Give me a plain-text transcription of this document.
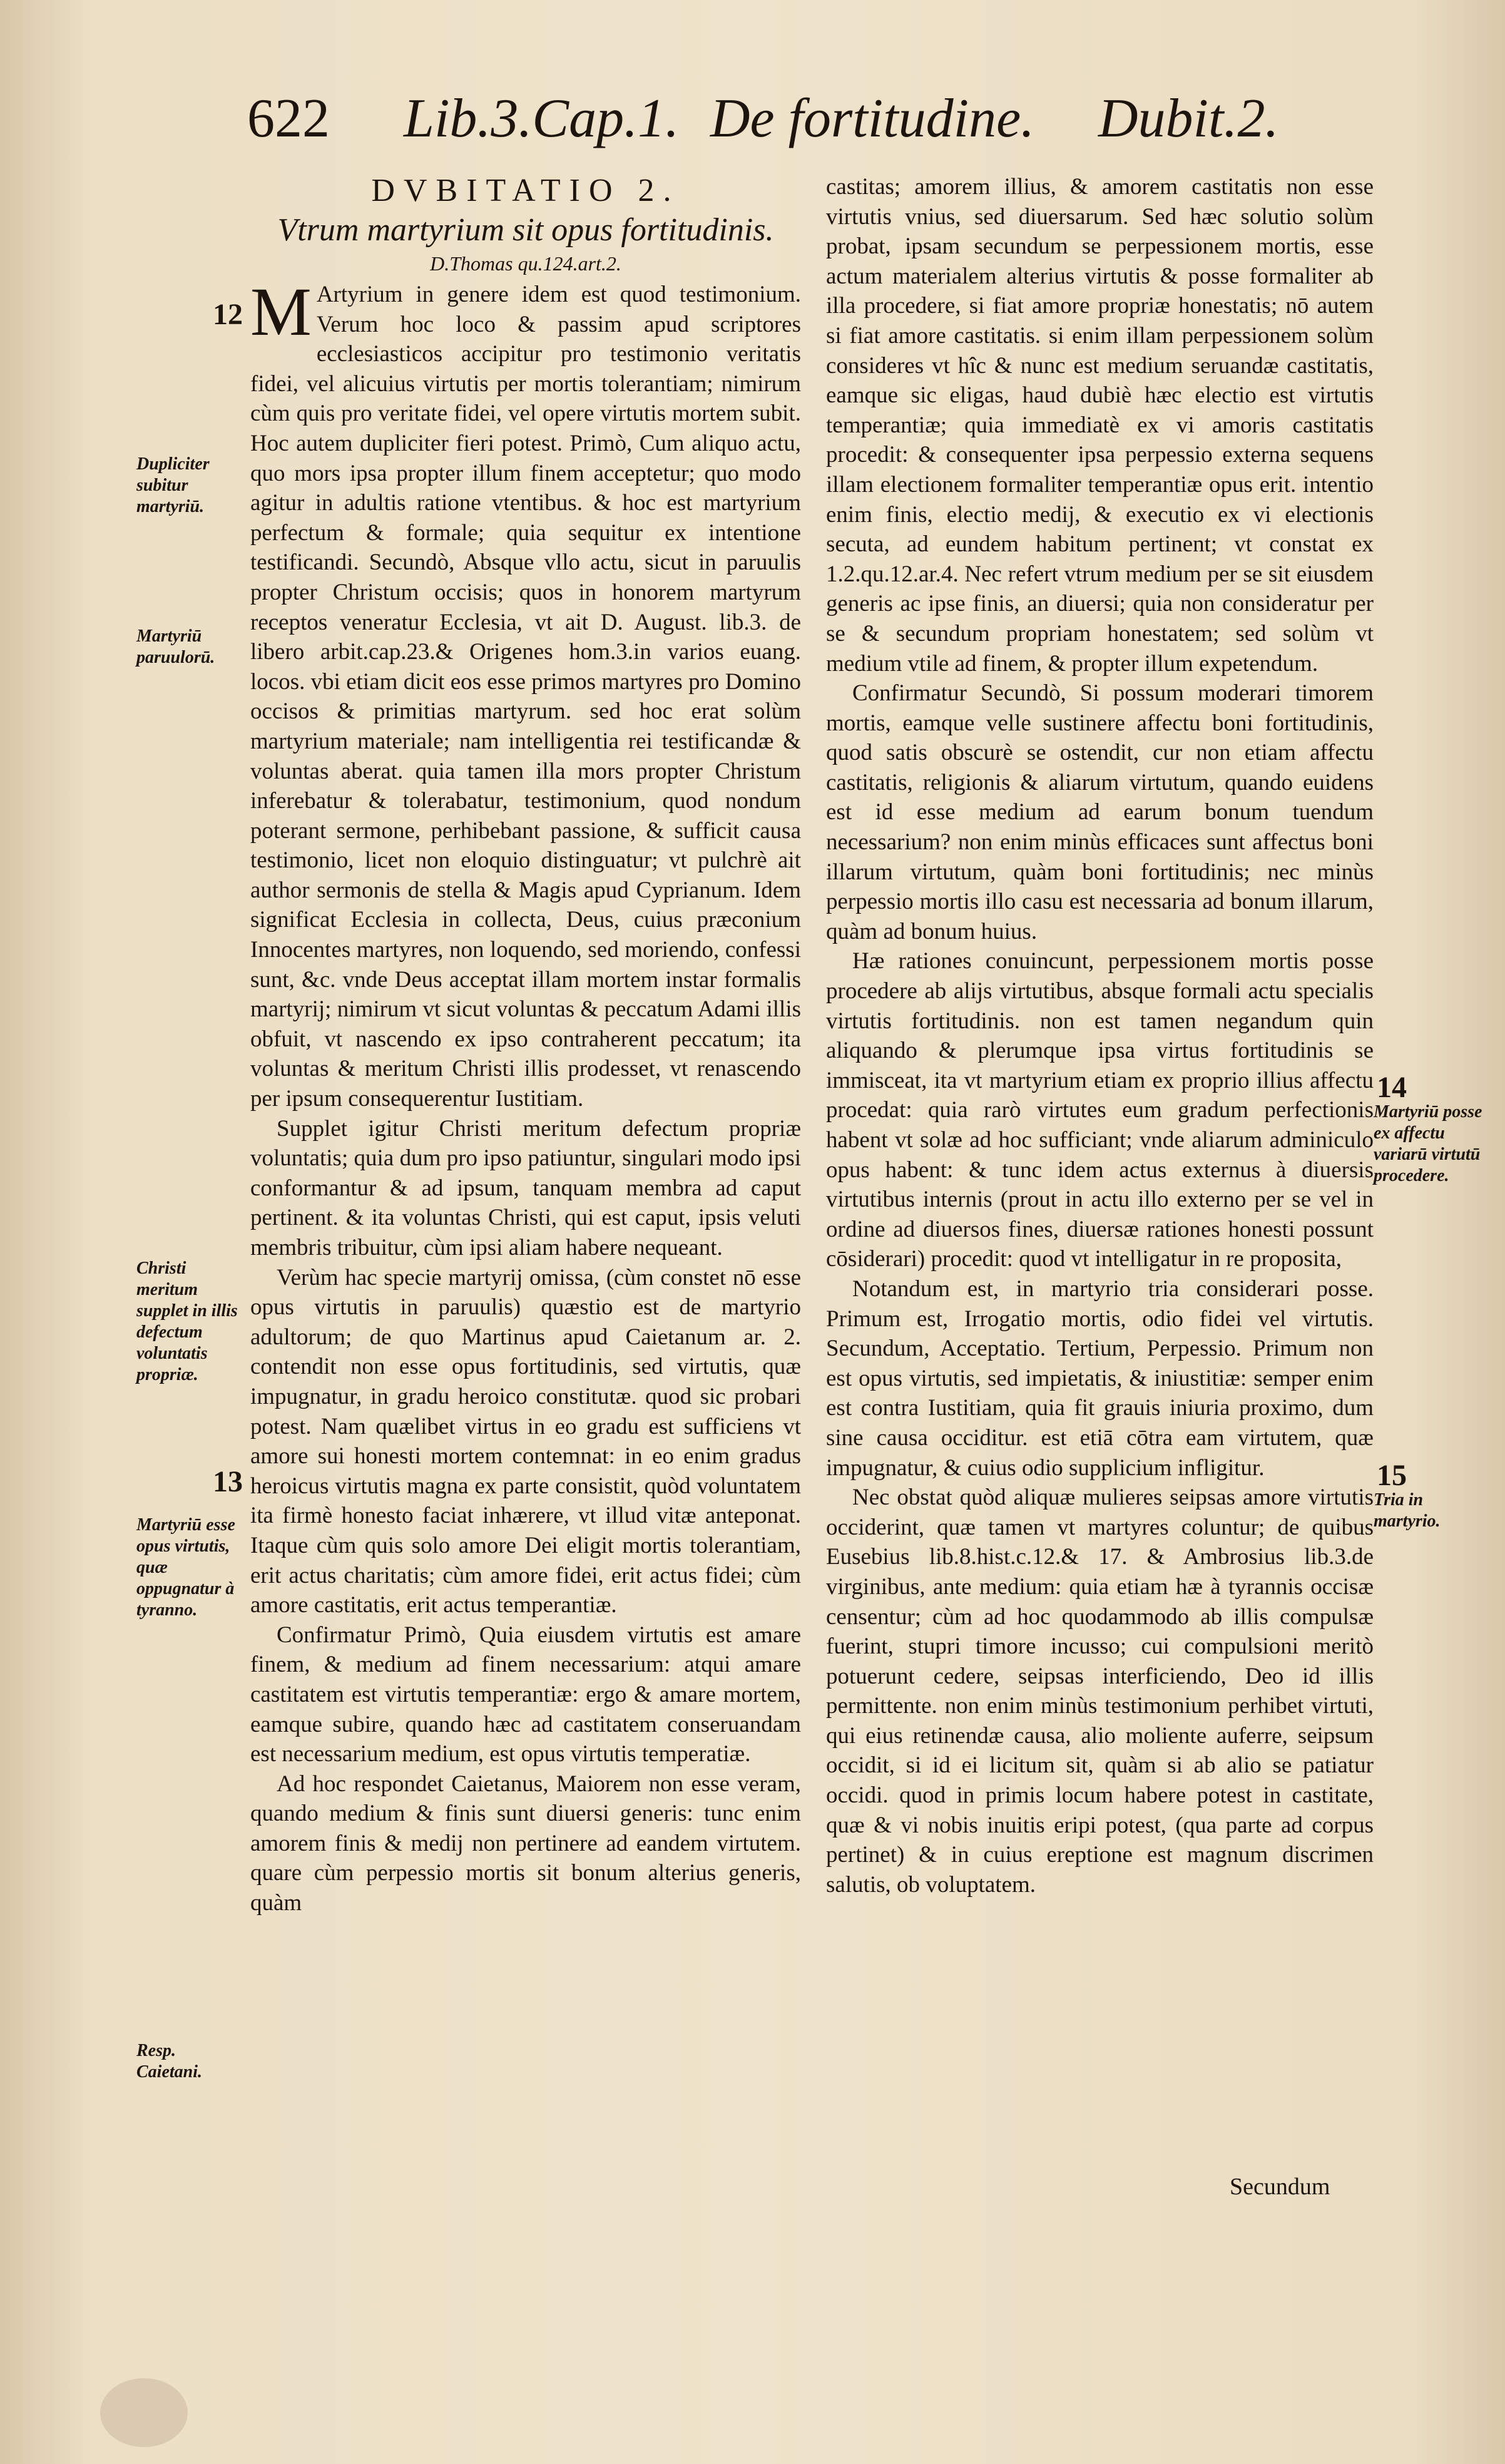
622 Lib.3.Cap.1. De fortitudine. Dubit.2.
DVBITATIO 2.
Vtrum martyrium sit opus fortitudinis.
D.Thomas qu.124.art.2.

M Artyrium in genere idem est quod testimonium. Verum hoc loco & passim apud scriptores ecclesiasticos accipitur pro testimonio veritatis fidei, vel alicuius virtutis per mortis tolerantiam; nimirum cùm quis pro veritate fidei, vel opere virtutis mortem subit. Hoc autem dupliciter fieri potest. Primò, Cum aliquo actu, quo mors ipsa propter illum finem acceptetur; quo modo agitur in adultis ratione vtentibus. & hoc est martyrium perfectum & formale; quia sequitur ex intentione testificandi. Secundò, Absque vllo actu, sicut in paruulis propter Christum occisis; quos in honorem martyrum receptos veneratur Ecclesia, vt ait D. August. lib.3. de libero arbit.cap.23.& Origenes hom.3.in varios euang. locos. vbi etiam dicit eos esse primos martyres pro Domino occisos & primitias martyrum. sed hoc erat solùm martyrium materiale; nam intelligentia rei testificandæ & voluntas aberat. quia tamen illa mors propter Christum inferebatur & tolerabatur, testimonium, quod nondum poterant sermone, perhibebant passione, & sufficit causa testimonio, licet non eloquio distinguatur; vt pulchrè ait author sermonis de stella & Magis apud Cyprianum. Idem significat Ecclesia in collecta, Deus, cuius præconium Innocentes martyres, non loquendo, sed moriendo, confessi sunt, &c. vnde Deus acceptat illam mortem instar formalis martyrij; nimirum vt sicut voluntas & peccatum Adami illis obfuit, vt nascendo ex ipso contraherent peccatum; ita voluntas & meritum Christi illis prodesset, vt renascendo per ipsum consequerentur Iustitiam.

Supplet igitur Christi meritum defectum propriæ voluntatis; quia dum pro ipso patiuntur, singulari modo ipsi conformantur & ad ipsum, tanquam membra ad caput pertinent. & ita voluntas Christi, qui est caput, ipsis veluti membris tribuitur, cùm ipsi aliam habere nequeant.

Verùm hac specie martyrij omissa, (cùm constet nō esse opus virtutis in paruulis) quæstio est de martyrio adultorum; de quo Martinus apud Caietanum ar. 2. contendit non esse opus fortitudinis, sed virtutis, quæ impugnatur, in gradu heroico constitutæ. quod sic probari potest. Nam quælibet virtus in eo gradu est sufficiens vt amore sui honesti mortem contemnat: in eo enim gradus heroicus virtutis magna ex parte consistit, quòd voluntatem ita firmè honesto faciat inhærere, vt illud vitæ anteponat. Itaque cùm quis solo amore Dei eligit mortis tolerantiam, erit actus charitatis; cùm amore fidei, erit actus fidei; cùm amore castitatis, erit actus temperantiæ.

Confirmatur Primò, Quia eiusdem virtutis est amare finem, & medium ad finem necessarium: atqui amare castitatem est virtutis temperantiæ: ergo & amare mortem, eamque subire, quando hæc ad castitatem conseruandam est necessarium medium, est opus virtutis temperatiæ.

Ad hoc respondet Caietanus, Maiorem non esse veram, quando medium & finis sunt diuersi generis: tunc enim amorem finis & medij non pertinere ad eandem virtutem. quare cùm perpessio mortis sit bonum alterius generis, quàm

castitas; amorem illius, & amorem castitatis non esse virtutis vnius, sed diuersarum. Sed hæc solutio solùm probat, ipsam secundum se perpessionem mortis, esse actum materialem alterius virtutis & posse formaliter ab illa procedere, si fiat amore propriæ honestatis; nō autem si fiat amore castitatis. si enim illam perpessionem solùm consideres vt hîc & nunc est medium seruandæ castitatis, eamque sic eligas, haud dubiè hæc electio est virtutis temperantiæ; quia immediatè ex vi amoris castitatis procedit: & consequenter ipsa perpessio externa sequens illam electionem formaliter temperantiæ opus erit. intentio enim finis, electio medij, & executio ex vi electionis secuta, ad eundem habitum pertinent; vt constat ex 1.2.qu.12.ar.4. Nec refert vtrum medium per se sit eiusdem generis ac ipse finis, an diuersi; quia non consideratur per se & secundum propriam honestatem; sed solùm vt medium vtile ad finem, & propter illum expetendum.

Confirmatur Secundò, Si possum moderari timorem mortis, eamque velle sustinere affectu boni fortitudinis, quod satis obscurè se ostendit, cur non etiam affectu castitatis, religionis & aliarum virtutum, quando euidens est id esse medium ad earum bonum tuendum necessarium? non enim minùs efficaces sunt affectus boni illarum virtutum, quàm boni fortitudinis; nec minùs perpessio mortis illo casu est necessaria ad bonum illarum, quàm ad bonum huius.

Hæ rationes conuincunt, perpessionem mortis posse procedere ab alijs virtutibus, absque formali actu specialis virtutis fortitudinis. non est tamen negandum quin aliquando & plerumque ipsa virtus fortitudinis se immisceat, ita vt martyrium etiam ex proprio illius affectu procedat: quia rarò virtutes eum gradum perfectionis habent vt solæ ad hoc sufficiant; vnde aliarum adminiculo opus habent: & tunc idem actus externus à diuersis virtutibus internis (prout in actu illo externo per se vel in ordine ad diuersos fines, diuersæ rationes honesti possunt cōsiderari) procedit: quod vt intelligatur in re proposita,

Notandum est, in martyrio tria considerari posse. Primum est, Irrogatio mortis, odio fidei vel virtutis. Secundum, Acceptatio. Tertium, Perpessio. Primum non est opus virtutis, sed impietatis, & iniustitiæ: semper enim est contra Iustitiam, quia fit grauis iniuria proximo, dum sine causa occiditur. est etiā cōtra eam virtutem, quæ impugnatur, & cuius odio supplicium infligitur.

Nec obstat quòd aliquæ mulieres seipsas amore virtutis occiderint, quæ tamen vt martyres coluntur; de quibus Eusebius lib.8.hist.c.12.& 17. & Ambrosius lib.3.de virginibus, ante medium: quia etiam hæ à tyrannis occisæ censentur; cùm ad hoc quodammodo ab illis compulsæ fuerint, stupri timore incusso; cui compulsioni meritò potuerunt cedere, seipsas interficiendo, Deo id illis permittente. non enim minùs testimonium perhibet virtuti, qui eius retinendæ causa, alio moliente auferre, seipsum occidit, si id ei licitum sit, quàm si ab alio se patiatur occidi. quod in primis locum habere potest in castitate, quæ & vi nobis inuitis eripi potest, (qua parte ad corpus pertinet) & in cuius ereptione est magnum discrimen salutis, ob voluptatem.

Secundum
12
13
14
15
Dupliciter subitur martyriū.
Martyriū paruulorū.
Christi meritum supplet in illis defectum voluntatis propriæ.
Martyriū esse opus virtutis, quæ oppugnatur à tyranno.
Resp. Caietani.
Martyriū posse ex affectu variarū virtutū procedere.
Tria in martyrio.
